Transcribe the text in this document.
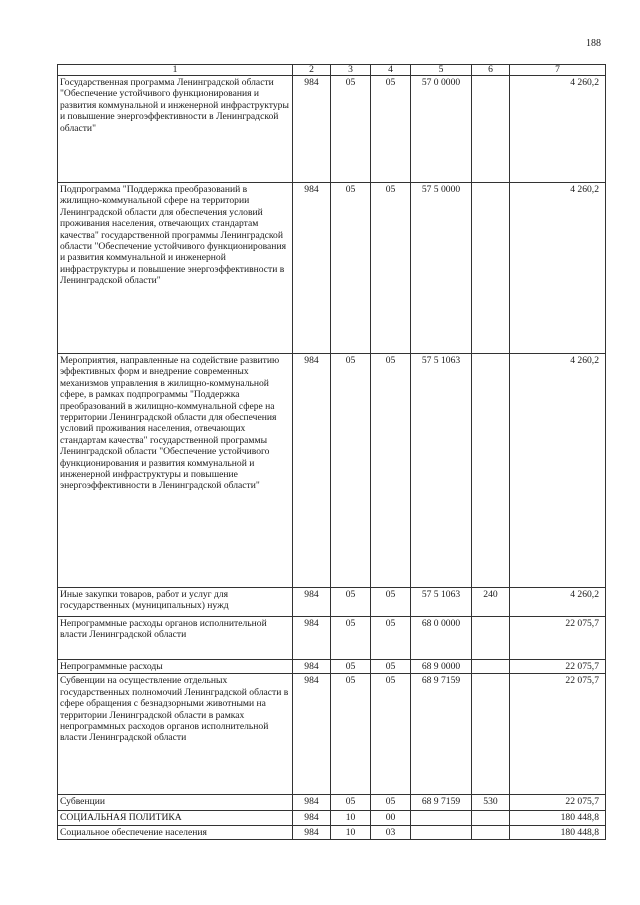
188
1	2	3	4	5	6	7
Государственная программа Ленинградской области "Обеспечение устойчивого функционирования и развития коммунальной и инженерной инфраструктуры и повышение энергоэффективности в Ленинградской области"	984	05	05	57 0 0000		4 260,2
Подпрограмма "Поддержка преобразований в жилищно-коммунальной сфере на территории Ленинградской области для обеспечения условий проживания населения, отвечающих стандартам качества" государственной программы Ленинградской области "Обеспечение устойчивого функционирования и развития коммунальной и инженерной инфраструктуры и повышение энергоэффективности в Ленинградской области"	984	05	05	57 5 0000		4 260,2
Мероприятия, направленные на содействие развитию эффективных форм и внедрение современных механизмов управления в жилищно-коммунальной сфере, в рамках подпрограммы "Поддержка преобразований в жилищно-коммунальной сфере на территории Ленинградской области для обеспечения условий проживания населения, отвечающих стандартам качества" государственной программы Ленинградской области "Обеспечение устойчивого функционирования и развития коммунальной и инженерной инфраструктуры и повышение энергоэффективности в Ленинградской области"	984	05	05	57 5 1063		4 260,2
Иные закупки товаров, работ и услуг для государственных (муниципальных) нужд	984	05	05	57 5 1063	240	4 260,2
Непрограммные расходы органов исполнительной власти Ленинградской области	984	05	05	68 0 0000		22 075,7
Непрограммные расходы	984	05	05	68 9 0000		22 075,7
Субвенции на осуществление отдельных государственных полномочий Ленинградской области в сфере обращения с безнадзорными животными на территории Ленинградской области в рамках непрограммных расходов органов исполнительной власти Ленинградской области	984	05	05	68 9 7159		22 075,7
Субвенции	984	05	05	68 9 7159	530	22 075,7
СОЦИАЛЬНАЯ ПОЛИТИКА	984	10	00			180 448,8
Социальное обеспечение населения	984	10	03			180 448,8
